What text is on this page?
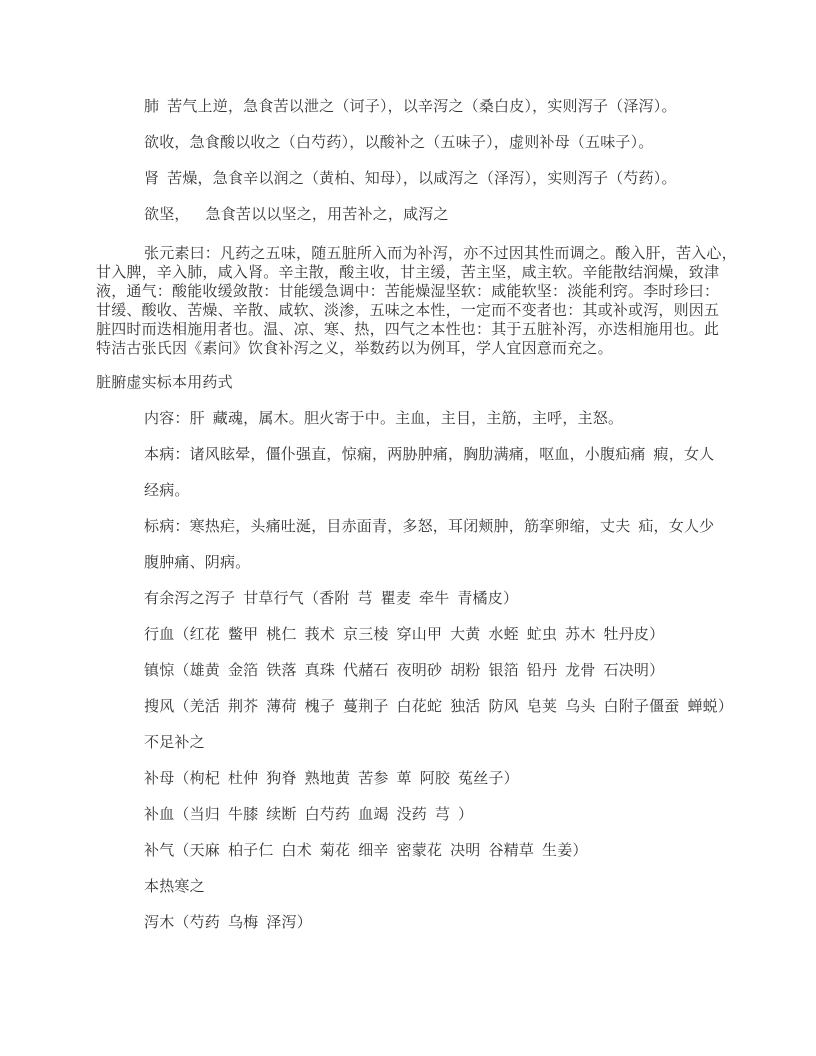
肺 苦气上逆，急食苦以泄之（诃子），以辛泻之（桑白皮），实则泻子（泽泻）。
欲收，急食酸以收之（白芍药），以酸补之（五味子），虚则补母（五味子）。
肾 苦燥，急食辛以润之（黄柏、知母），以咸泻之（泽泻），实则泻子（芍药）。
欲坚，  急食苦以以坚之，用苦补之，咸泻之
张元素曰：凡药之五味，随五脏所入而为补泻，亦不过因其性而调之。酸入肝，苦入心，
甘入脾，辛入肺，咸入肾。辛主散，酸主收，甘主缓，苦主坚，咸主软。辛能散结润燥，致津
液，通气：酸能收缓敛散：甘能缓急调中：苦能燥湿坚软：咸能软坚：淡能利窍。李时珍曰：
甘缓、酸收、苦燥、辛散、咸软、淡渗，五味之本性，一定而不变者也：其或补或泻，则因五
脏四时而迭相施用者也。温、凉、寒、热，四气之本性也：其于五脏补泻，亦迭相施用也。此
特洁古张氏因《素问》饮食补泻之义，举数药以为例耳，学人宜因意而充之。
脏腑虚实标本用药式
内容：肝 藏魂，属木。胆火寄于中。主血，主目，主筋，主呼，主怒。
本病：诸风眩晕，僵仆强直，惊痫，两胁肿痛，胸肋满痛，呕血，小腹疝痛 瘕，女人
经病。
标病：寒热疟，头痛吐涎，目赤面青，多怒，耳闭颊肿，筋挛卵缩，丈夫 疝，女人少
腹肿痛、阴病。
有余泻之泻子 甘草行气（香附 芎 瞿麦 牵牛 青橘皮）
行血（红花 鳖甲 桃仁 莪术 京三棱 穿山甲 大黄 水蛭 虻虫 苏木 牡丹皮）
镇惊（雄黄 金箔 铁落 真珠 代赭石 夜明砂 胡粉 银箔 铅丹 龙骨 石决明）
搜风（羌活 荆芥 薄荷 槐子 蔓荆子 白花蛇 独活 防风 皂荚 乌头 白附子僵蚕 蝉蜕）
不足补之
补母（枸杞 杜仲 狗脊 熟地黄 苦参 萆 阿胶 菟丝子）
补血（当归 牛膝 续断 白芍药 血竭 没药 芎 ）
补气（天麻 柏子仁 白术 菊花 细辛 密蒙花 决明 谷精草 生姜）
本热寒之
泻木（芍药 乌梅 泽泻）
